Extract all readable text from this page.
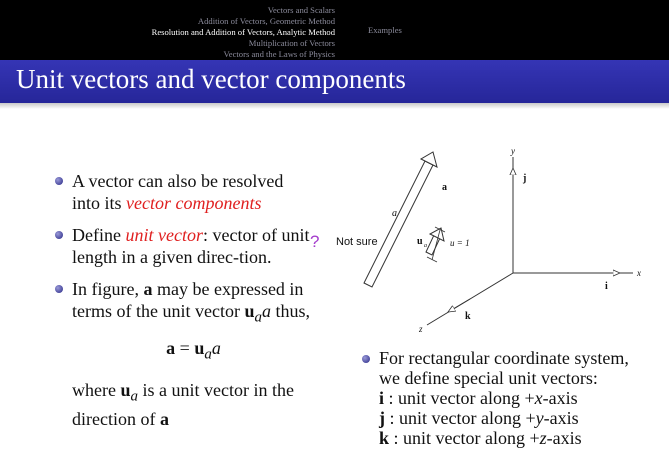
Vectors and Scalars
Addition of Vectors, Geometric Method
Resolution and Addition of Vectors, Analytic Method
Multiplication of Vectors
Vectors and the Laws of Physics
Examples
Unit vectors and vector components
A vector can also be resolved into its vector components
Define unit vector: vector of unit length in a given direc-tion.
In figure, a may be expressed in terms of the unit vector $u_aa$ thus,
$a = u_aa$
where $u_a$ is a unit vector in the direction of a
? Not sure
a
a
u a	u = 1
y
x
z
j
i
k
For rectangular coordinate system,
we define special unit vectors:
i : unit vector along +x-axis
j : unit vector along +y-axis
k : unit vector along +z-axis
